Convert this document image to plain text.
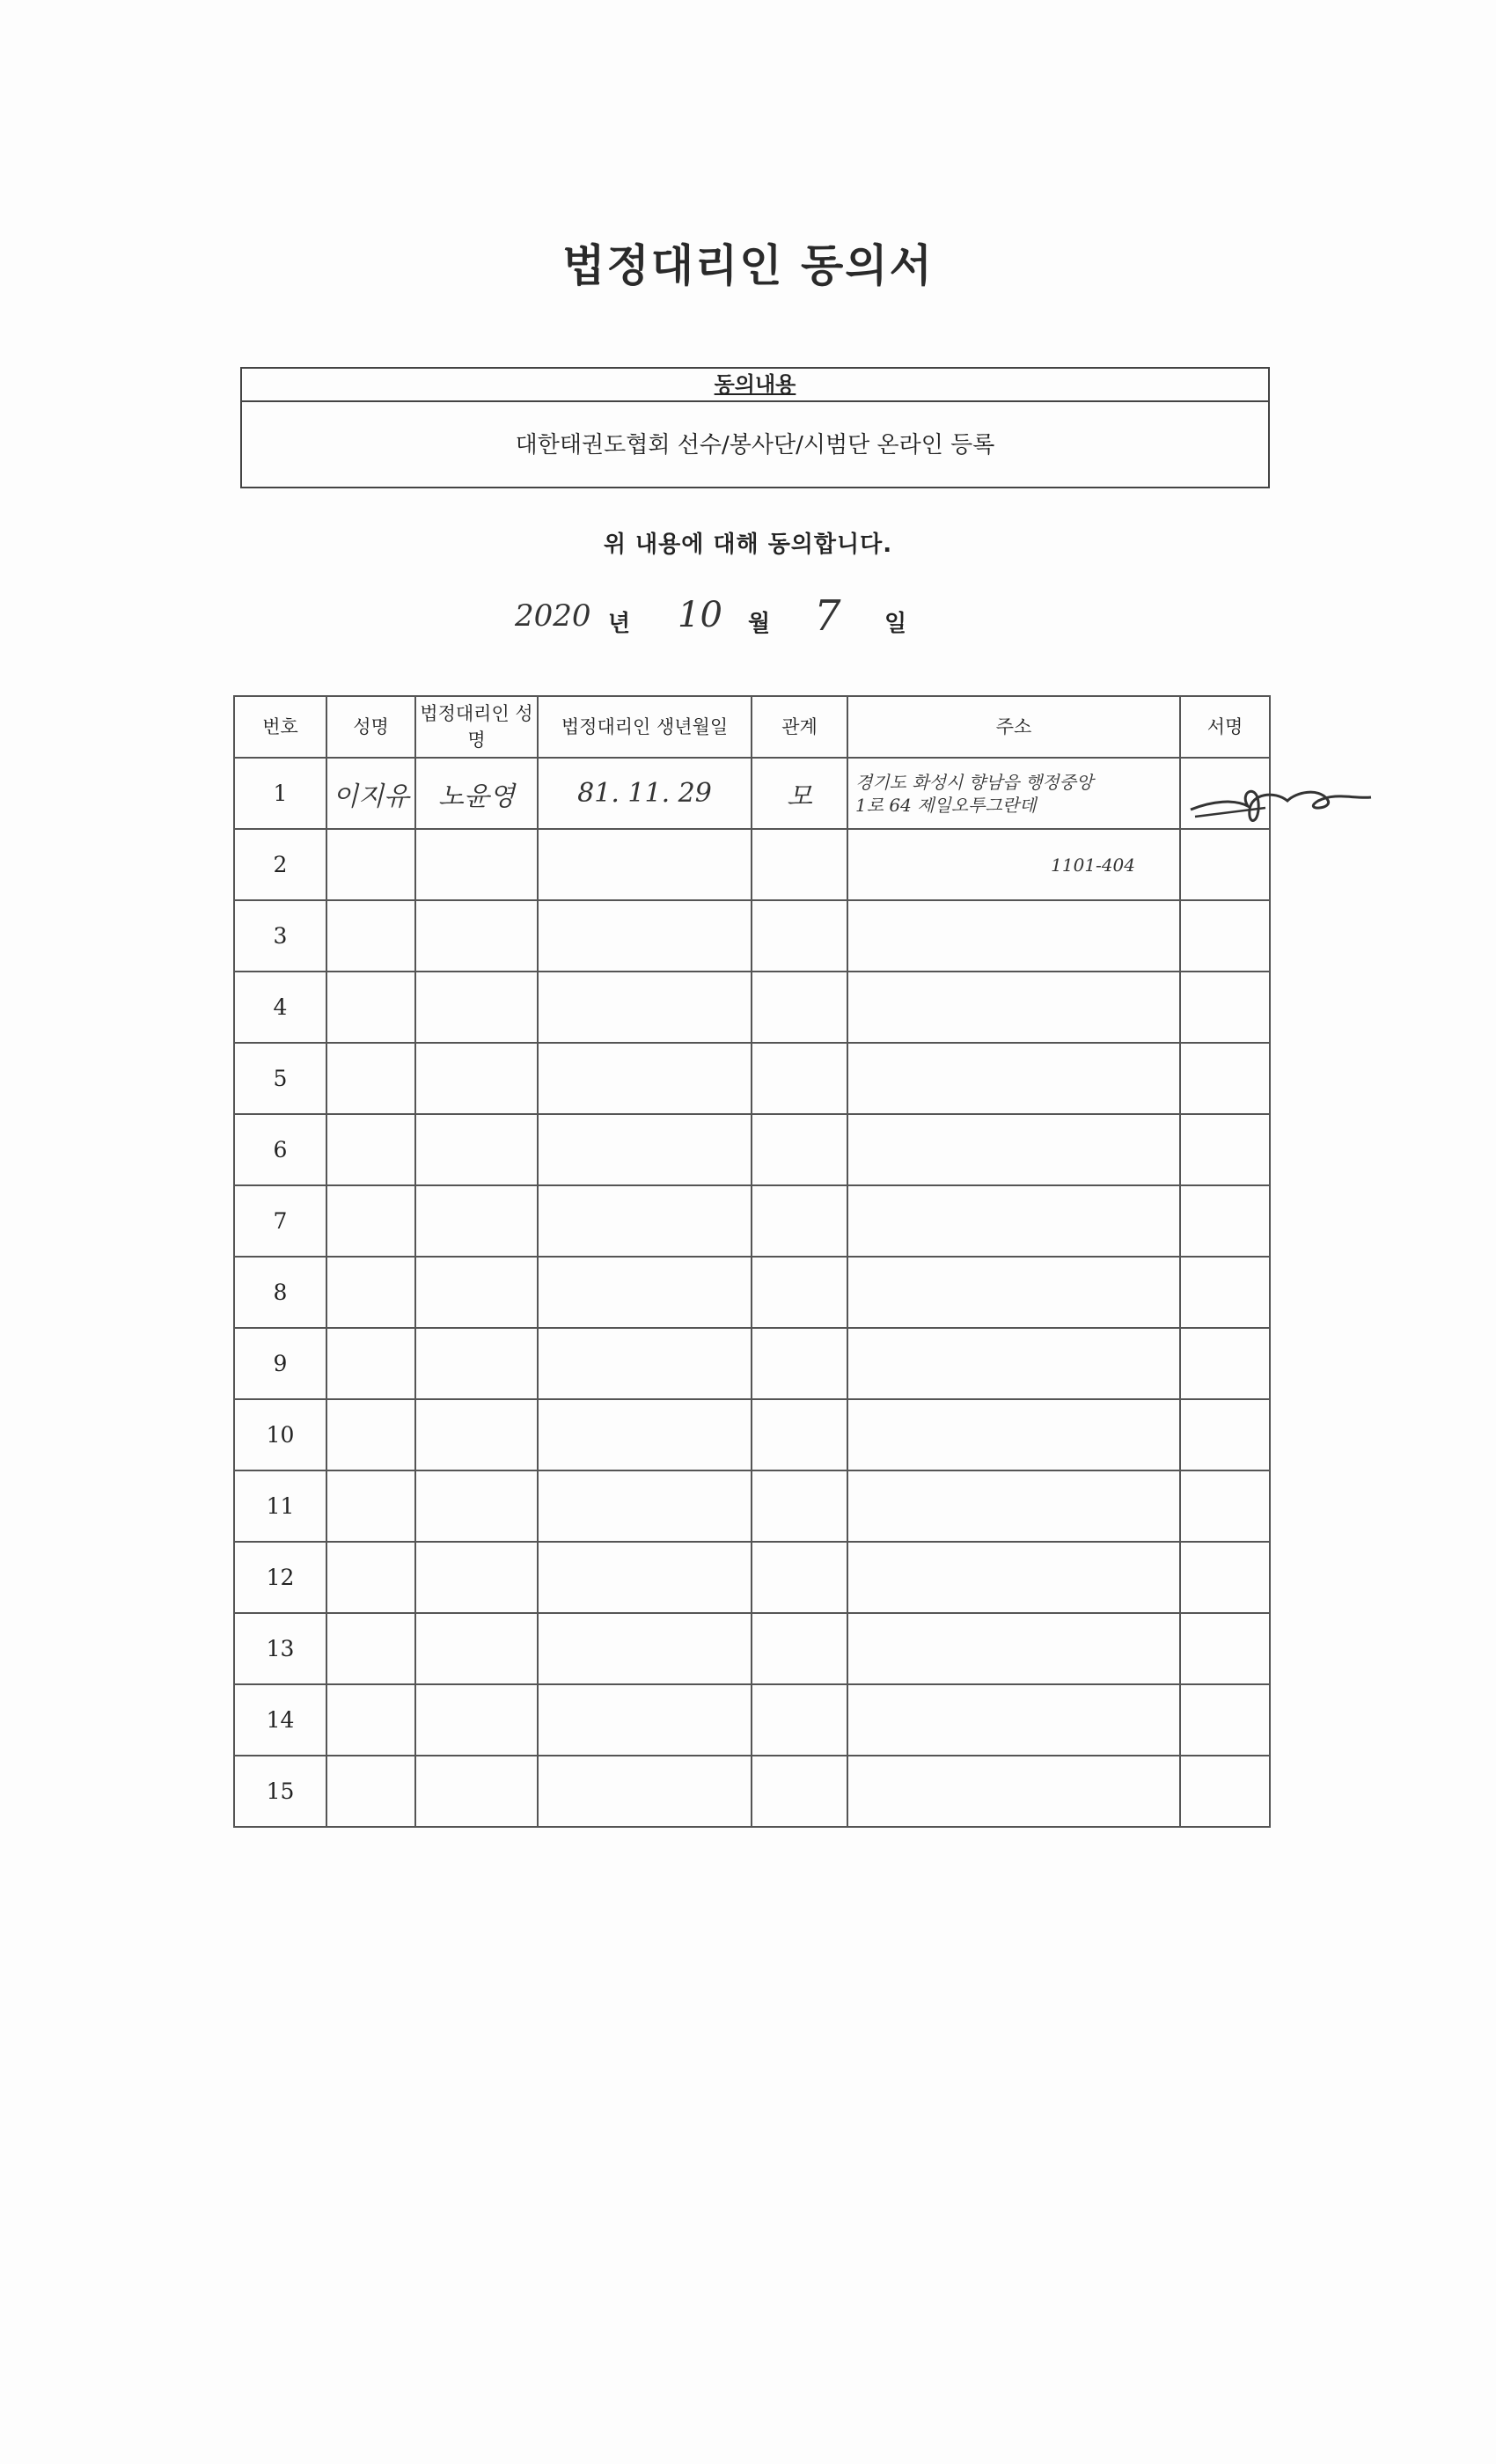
법정대리인 동의서
동의내용
대한태권도협회 선수/봉사단/시범단 온라인 등록
위 내용에 대해 동의합니다.
2020 년 10 월 7 일
번호	성명	법정대리인 성명	법정대리인 생년월일	관계	주소	서명
1	이지유	노윤영	81. 11. 29	모	경기도 화성시 향남읍 행정중앙
1로 64 제일오투그란데	

2					1101-404	
3						
4						
5						
6						
7						
8						
9						
10						
11						
12						
13						
14						
15						
